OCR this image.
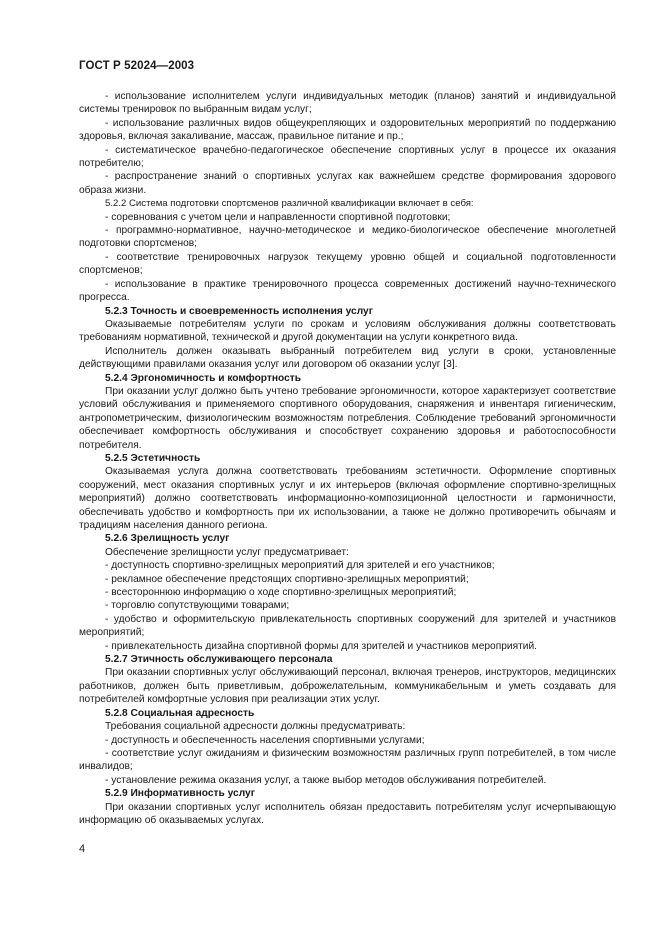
ГОСТ Р 52024—2003

- использование исполнителем услуги индивидуальных методик (планов) занятий и индивидуальной системы тренировок по выбранным видам услуг;

- использование различных видов общеукрепляющих и оздоровительных мероприятий по поддержанию здоровья, включая закаливание, массаж, правильное питание и пр.;

- систематическое врачебно-педагогическое обеспечение спортивных услуг в процессе их оказания потребителю;

- распространение знаний о спортивных услугах как важнейшем средстве формирования здорового образа жизни.

5.2.2 Система подготовки спортсменов различной квалификации включает в себя:

- соревнования с учетом цели и направленности спортивной подготовки;

- программно-нормативное, научно-методическое и медико-биологическое обеспечение многолетней подготовки спортсменов;

- соответствие тренировочных нагрузок текущему уровню общей и социальной подготовленности спортсменов;

- использование в практике тренировочного процесса современных достижений научно-технического прогресса.

5.2.3 Точность и своевременность исполнения услуг

Оказываемые потребителям услуги по срокам и условиям обслуживания должны соответствовать требованиям нормативной, технической и другой документации на услуги конкретного вида.

Исполнитель должен оказывать выбранный потребителем вид услуги в сроки, установленные действующими правилами оказания услуг или договором об оказании услуг [3].

5.2.4 Эргономичность и комфортность

При оказании услуг должно быть учтено требование эргономичности, которое характеризует соответствие условий обслуживания и применяемого спортивного оборудования, снаряжения и инвентаря гигиеническим, антропометрическим, физиологическим возможностям потребления. Соблюдение требований эргономичности обеспечивает комфортность обслуживания и способствует сохранению здоровья и работоспособности потребителя.

5.2.5 Эстетичность

Оказываемая услуга должна соответствовать требованиям эстетичности. Оформление спортивных сооружений, мест оказания спортивных услуг и их интерьеров (включая оформление спортивно-зрелищных мероприятий) должно соответствовать информационно-композиционной целостности и гармоничности, обеспечивать удобство и комфортность при их использовании, а также не должно противоречить обычаям и традициям населения данного региона.

5.2.6 Зрелищность услуг

Обеспечение зрелищности услуг предусматривает:

- доступность спортивно-зрелищных мероприятий для зрителей и его участников;

- рекламное обеспечение предстоящих спортивно-зрелищных мероприятий;

- всестороннюю информацию о ходе спортивно-зрелищных мероприятий;

- торговлю сопутствующими товарами;

- удобство и оформительскую привлекательность спортивных сооружений для зрителей и участников мероприятий;

- привлекательность дизайна спортивной формы для зрителей и участников мероприятий.

5.2.7 Этичность обслуживающего персонала

При оказании спортивных услуг обслуживающий персонал, включая тренеров, инструкторов, медицинских работников, должен быть приветливым, доброжелательным, коммуникабельным и уметь создавать для потребителей комфортные условия при реализации этих услуг.

5.2.8 Социальная адресность

Требования социальной адресности должны предусматривать:

- доступность и обеспеченность населения спортивными услугами;

- соответствие услуг ожиданиям и физическим возможностям различных групп потребителей, в том числе инвалидов;

- установление режима оказания услуг, а также выбор методов обслуживания потребителей.

5.2.9 Информативность услуг

При оказании спортивных услуг исполнитель обязан предоставить потребителям услуг исчерпывающую информацию об оказываемых услугах.

4
